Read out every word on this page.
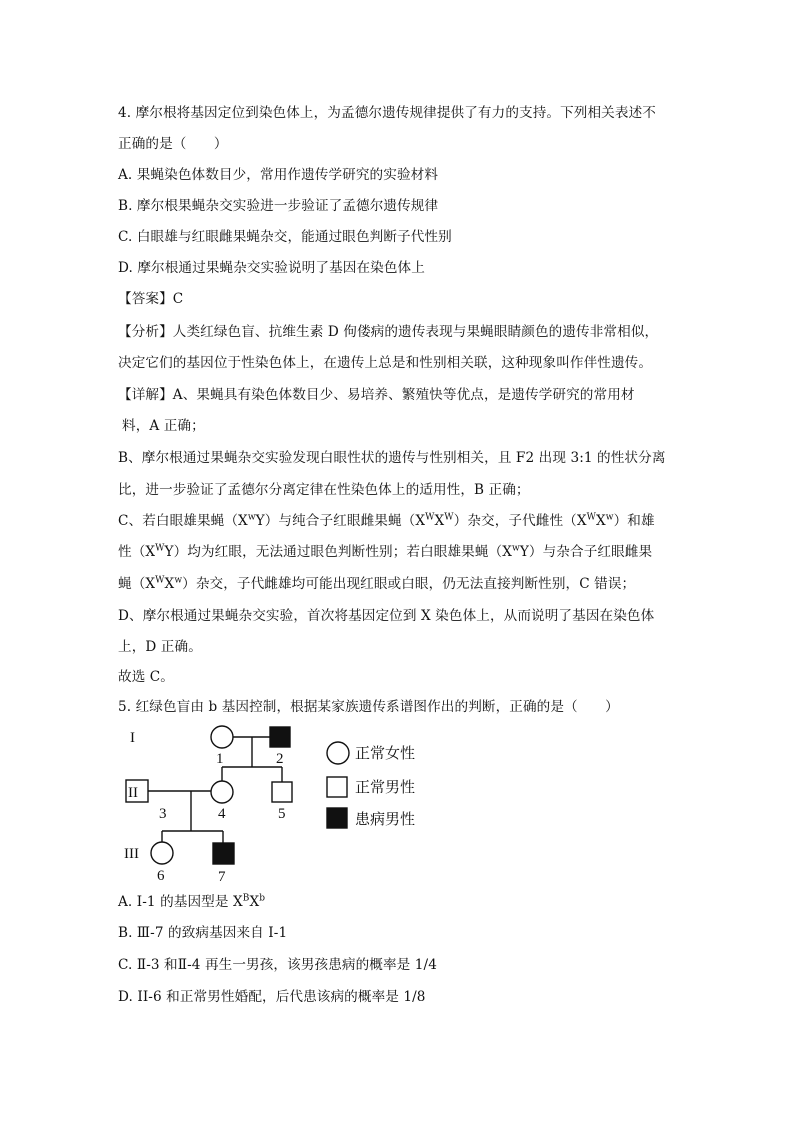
4. 摩尔根将基因定位到染色体上，为孟德尔遗传规律提供了有力的支持。下列相关表述不
正确的是（　　）
A. 果蝇染色体数目少，常用作遗传学研究的实验材料
B. 摩尔根果蝇杂交实验进一步验证了孟德尔遗传规律
C. 白眼雄与红眼雌果蝇杂交，能通过眼色判断子代性别
D. 摩尔根通过果蝇杂交实验说明了基因在染色体上
【答案】C
【分析】人类红绿色盲、抗维生素 D 佝偻病的遗传表现与果蝇眼睛颜色的遗传非常相似，
决定它们的基因位于性染色体上，在遗传上总是和性别相关联，这种现象叫作伴性遗传。
【详解】A、果蝇具有染色体数目少、易培养、繁殖快等优点，是遗传学研究的常用材
料，A 正确；
B、摩尔根通过果蝇杂交实验发现白眼性状的遗传与性别相关，且 F2 出现 3:1 的性状分离
比，进一步验证了孟德尔分离定律在性染色体上的适用性，B 正确；
C、若白眼雄果蝇$(X^wY)$与纯合子红眼雌果蝇$(X^WX^W)$杂交，子代雌性$(X^WX^w)$和雄
性$(X^WY)$均为红眼，无法通过眼色判断性别；若白眼雄果蝇$(X^wY)$与杂合子红眼雌果
蝇$(X^WX^w)$杂交，子代雌雄均可能出现红眼或白眼，仍无法直接判断性别，C 错误；
D、摩尔根通过果蝇杂交实验，首次将基因定位到 X 染色体上，从而说明了基因在染色体
上，D 正确。
故选 C。
5. 红绿色盲由 b 基因控制，根据某家族遗传系谱图作出的判断，正确的是（　　）
I
II
III
1	2
3	4	5
6	7
正常女性
正常男性
患病男性
A. I-1 的基因型是 $X^BX^b$
B. Ⅲ-7 的致病基因来自 I-1
C. Ⅱ-3 和Ⅱ-4 再生一男孩，该男孩患病的概率是 1/4
D. II-6 和正常男性婚配，后代患该病的概率是 1/8
